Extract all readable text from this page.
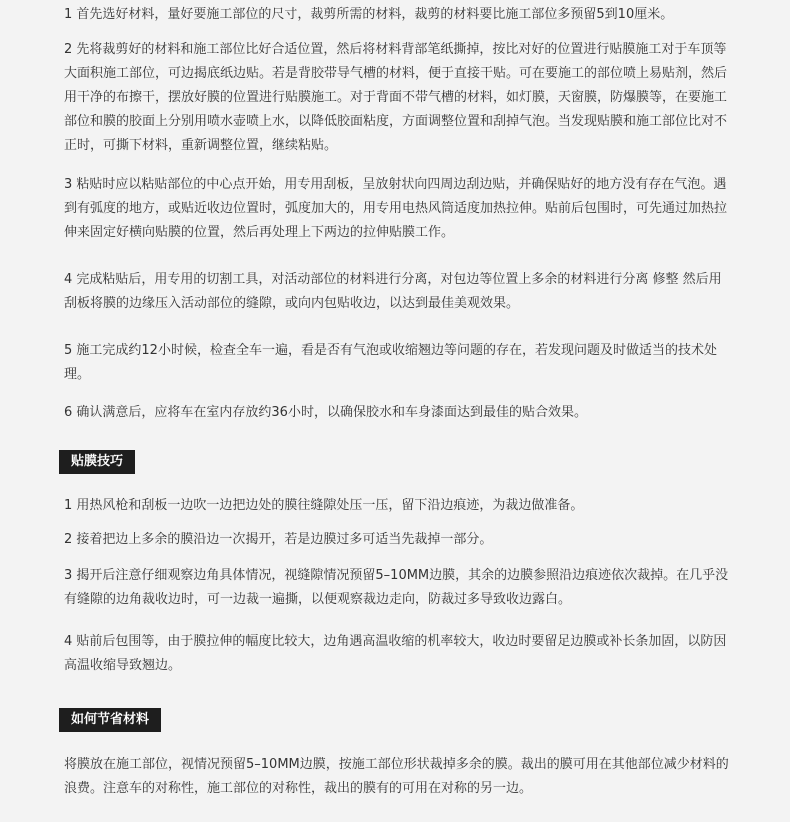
1 首先选好材料，量好要施工部位的尺寸，裁剪所需的材料，裁剪的材料要比施工部位多预留5到10厘米。

2 先将裁剪好的材料和施工部位比好合适位置，然后将材料背部笔纸撕掉，按比对好的位置进行贴膜施工对于车顶等大面积施工部位，可边揭底纸边贴。若是背胶带导气槽的材料，便于直接干贴。可在要施工的部位喷上易贴剂，然后用干净的布擦干，摆放好膜的位置进行贴膜施工。对于背面不带气槽的材料，如灯膜，天窗膜，防爆膜等，在要施工部位和膜的胶面上分别用喷水壶喷上水，以降低胶面粘度，方面调整位置和刮掉气泡。当发现贴膜和施工部位比对不正时，可撕下材料，重新调整位置，继续粘贴。

3 粘贴时应以粘贴部位的中心点开始，用专用刮板，呈放射状向四周边刮边贴，并确保贴好的地方没有存在气泡。遇到有弧度的地方，或贴近收边位置时，弧度加大的，用专用电热风筒适度加热拉伸。贴前后包围时，可先通过加热拉伸来固定好横向贴膜的位置，然后再处理上下两边的拉伸贴膜工作。

4 完成粘贴后，用专用的切割工具，对活动部位的材料进行分离，对包边等位置上多余的材料进行分离 修整 然后用刮板将膜的边缘压入活动部位的缝隙，或向内包贴收边，以达到最佳美观效果。

5 施工完成约12小时候，检查全车一遍，看是否有气泡或收缩翘边等问题的存在，若发现问题及时做适当的技术处理。

6 确认满意后，应将车在室内存放约36小时，以确保胶水和车身漆面达到最佳的贴合效果。

贴膜技巧

1 用热风枪和刮板一边吹一边把边处的膜往缝隙处压一压，留下沿边痕迹，为裁边做准备。

2 接着把边上多余的膜沿边一次揭开，若是边膜过多可适当先裁掉一部分。

3 揭开后注意仔细观察边角具体情况，视缝隙情况预留5–10MM边膜，其余的边膜参照沿边痕迹依次裁掉。在几乎没有缝隙的边角裁收边时，可一边裁一遍撕，以便观察裁边走向，防裁过多导致收边露白。

4 贴前后包围等，由于膜拉伸的幅度比较大，边角遇高温收缩的机率较大，收边时要留足边膜或补长条加固，以防因高温收缩导致翘边。

如何节省材料

将膜放在施工部位，视情况预留5–10MM边膜，按施工部位形状裁掉多余的膜。裁出的膜可用在其他部位减少材料的浪费。注意车的对称性，施工部位的对称性，裁出的膜有的可用在对称的另一边。
